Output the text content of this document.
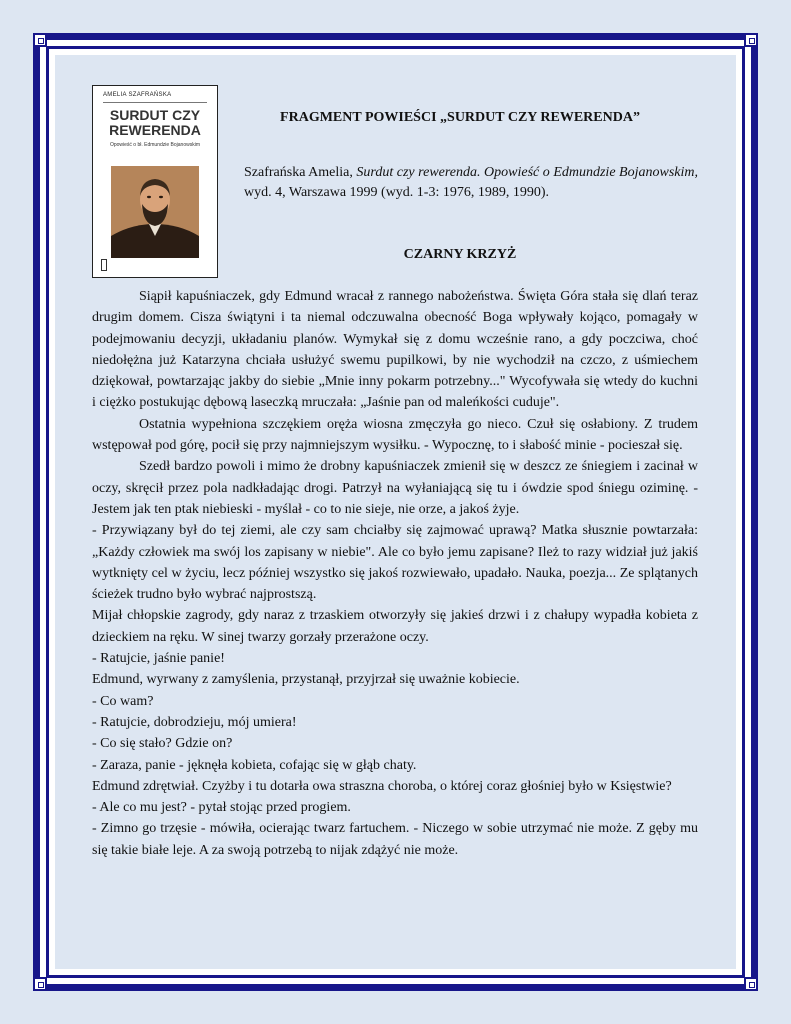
AMELIA SZAFRAŃSKA
SURDUT CZY
REWERENDA
Opowieść o bł. Edmundzie Bojanowskim
FRAGMENT POWIEŚCI „SURDUT CZY REWERENDA”
Szafrańska Amelia, Surdut czy rewerenda. Opowieść o Edmundzie Bojanowskim, wyd. 4, Warszawa 1999 (wyd. 1-3: 1976, 1989, 1990).
CZARNY KRZYŻ

Siąpił kapuśniaczek, gdy Edmund wracał z rannego nabożeństwa. Święta Góra stała się dlań teraz drugim domem. Cisza świątyni i ta niemal odczuwalna obecność Boga wpływały kojąco, pomagały w podejmowaniu decyzji, układaniu planów. Wymykał się z domu wcześnie rano, a gdy poczciwa, choć niedołężna już Katarzyna chciała usłużyć swemu pupilkowi, by nie wychodził na czczo, z uśmiechem dziękował, powtarzając jakby do siebie „Mnie inny pokarm potrzebny..." Wycofywała się wtedy do kuchni i ciężko postukując dębową laseczką mruczała: „Jaśnie pan od maleńkości cuduje".

Ostatnia wypełniona szczękiem oręża wiosna zmęczyła go nieco. Czuł się osłabiony. Z trudem wstępował pod górę, pocił się przy najmniejszym wysiłku. - Wypocznę, to i słabość minie - pocieszał się.

Szedł bardzo powoli i mimo że drobny kapuśniaczek zmienił się w deszcz ze śniegiem i zacinał w oczy, skręcił przez pola nadkładając drogi. Patrzył na wyłaniającą się tu i ówdzie spod śniegu oziminę. - Jestem jak ten ptak niebieski - myślał - co to nie sieje, nie orze, a jakoś żyje.

- Przywiązany był do tej ziemi, ale czy sam chciałby się zajmować uprawą? Matka słusznie powtarzała: „Każdy człowiek ma swój los zapisany w niebie". Ale co było jemu zapisane? Ileż to razy widział już jakiś wytknięty cel w życiu, lecz później wszystko się jakoś rozwiewało, upadało. Nauka, poezja... Ze splątanych ścieżek trudno było wybrać najprostszą.

Mijał chłopskie zagrody, gdy naraz z trzaskiem otworzyły się jakieś drzwi i z chałupy wypadła kobieta z dzieckiem na ręku. W sinej twarzy gorzały przerażone oczy.

- Ratujcie, jaśnie panie!

Edmund, wyrwany z zamyślenia, przystanął, przyjrzał się uważnie kobiecie.

- Co wam?

- Ratujcie, dobrodzieju, mój umiera!

- Co się stało? Gdzie on?

- Zaraza, panie - jęknęła kobieta, cofając się w głąb chaty.

Edmund zdrętwiał. Czyżby i tu dotarła owa straszna choroba, o której coraz głośniej było w Księstwie?

- Ale co mu jest? - pytał stojąc przed progiem.

- Zimno go trzęsie - mówiła, ocierając twarz fartuchem. - Niczego w sobie utrzymać nie może. Z gęby mu się takie białe leje. A za swoją potrzebą to nijak zdążyć nie może.
